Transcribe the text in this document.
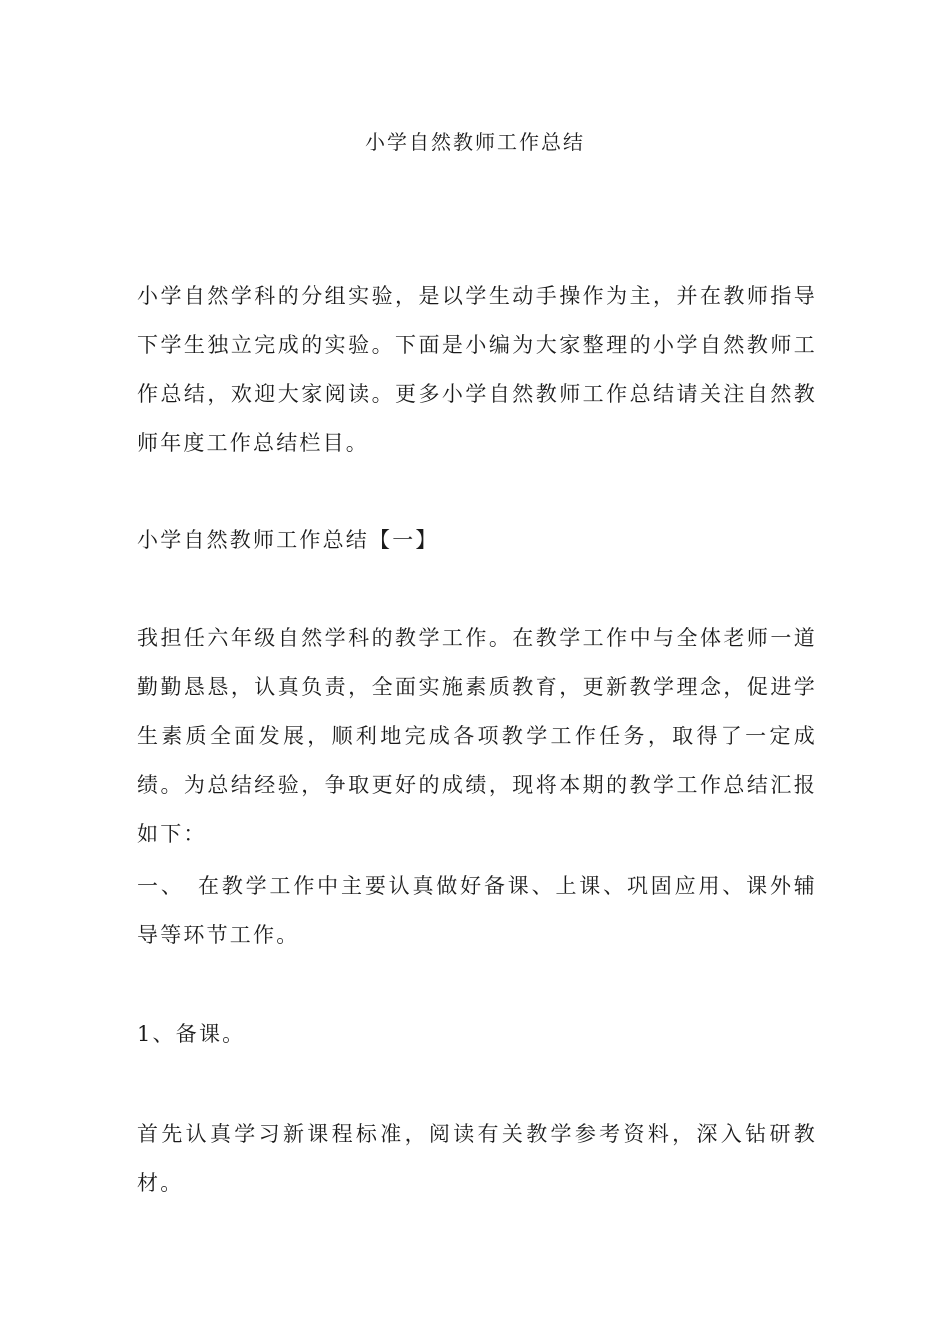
小学自然教师工作总结

小学自然学科的分组实验，是以学生动手操作为主，并在教师指导下学生独立完成的实验。下面是小编为大家整理的小学自然教师工作总结，欢迎大家阅读。更多小学自然教师工作总结请关注自然教师年度工作总结栏目。

小学自然教师工作总结【一】

我担任六年级自然学科的教学工作。在教学工作中与全体老师一道勤勤恳恳，认真负责，全面实施素质教育，更新教学理念，促进学生素质全面发展，顺利地完成各项教学工作任务，取得了一定成绩。为总结经验，争取更好的成绩，现将本期的教学工作总结汇报如下：

一、　在教学工作中主要认真做好备课、上课、巩固应用、课外辅导等环节工作。

1、备课。

首先认真学习新课程标准，阅读有关教学参考资料，深入钻研教材。
